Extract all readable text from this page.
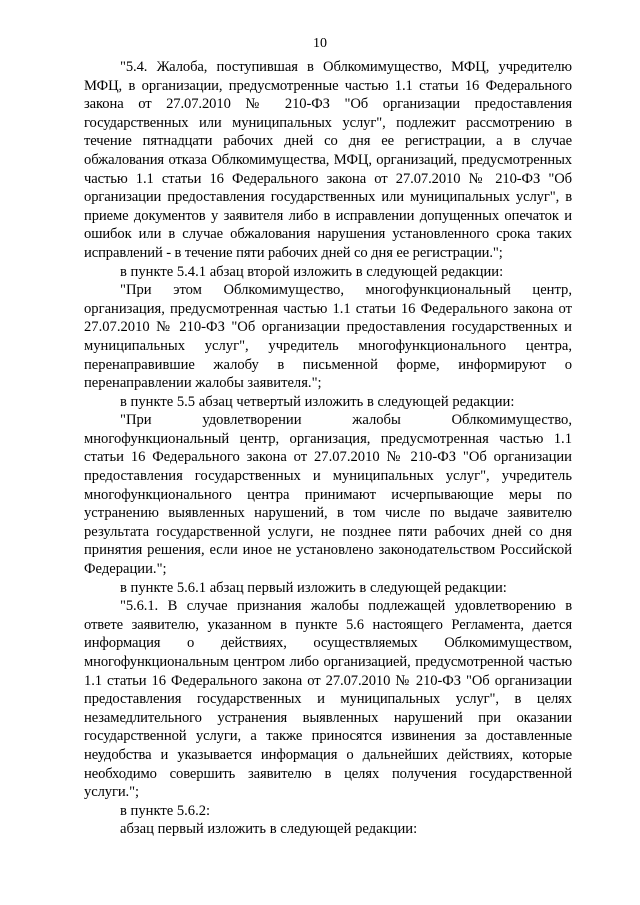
10

"5.4. Жалоба, поступившая в Облкомимущество, МФЦ, учредителю МФЦ, в организации, предусмотренные частью 1.1 статьи 16 Федерального закона от 27.07.2010 № 210-ФЗ "Об организации предоставления государственных или муниципальных услуг", подлежит рассмотрению в течение пятнадцати рабочих дней со дня ее регистрации, а в случае обжалования отказа Облкомимущества, МФЦ, организаций, предусмотренных частью 1.1 статьи 16 Федерального закона от 27.07.2010 № 210-ФЗ "Об организации предоставления государственных или муниципальных услуг", в приеме документов у заявителя либо в исправлении допущенных опечаток и ошибок или в случае обжалования нарушения установленного срока таких исправлений - в течение пяти рабочих дней со дня ее регистрации.";

в пункте 5.4.1 абзац второй изложить в следующей редакции:

"При этом Облкомимущество, многофункциональный центр, организация, предусмотренная частью 1.1 статьи 16 Федерального закона от 27.07.2010 № 210-ФЗ "Об организации предоставления государственных и муниципальных услуг", учредитель многофункционального центра, перенаправившие жалобу в письменной форме, информируют о перенаправлении жалобы заявителя.";

в пункте 5.5 абзац четвертый изложить в следующей редакции:

"При удовлетворении жалобы Облкомимущество, многофункциональный центр, организация, предусмотренная частью 1.1 статьи 16 Федерального закона от 27.07.2010 № 210-ФЗ "Об организации предоставления государственных и муниципальных услуг", учредитель многофункционального центра принимают исчерпывающие меры по устранению выявленных нарушений, в том числе по выдаче заявителю результата государственной услуги, не позднее пяти рабочих дней со дня принятия решения, если иное не установлено законодательством Российской Федерации.";

в пункте 5.6.1 абзац первый изложить в следующей редакции:

"5.6.1. В случае признания жалобы подлежащей удовлетворению в ответе заявителю, указанном в пункте 5.6 настоящего Регламента, дается информация о действиях, осуществляемых Облкомимуществом, многофункциональным центром либо организацией, предусмотренной частью 1.1 статьи 16 Федерального закона от 27.07.2010 № 210-ФЗ "Об организации предоставления государственных и муниципальных услуг", в целях незамедлительного устранения выявленных нарушений при оказании государственной услуги, а также приносятся извинения за доставленные неудобства и указывается информация о дальнейших действиях, которые необходимо совершить заявителю в целях получения государственной услуги.";

в пункте 5.6.2:

абзац первый изложить в следующей редакции:
